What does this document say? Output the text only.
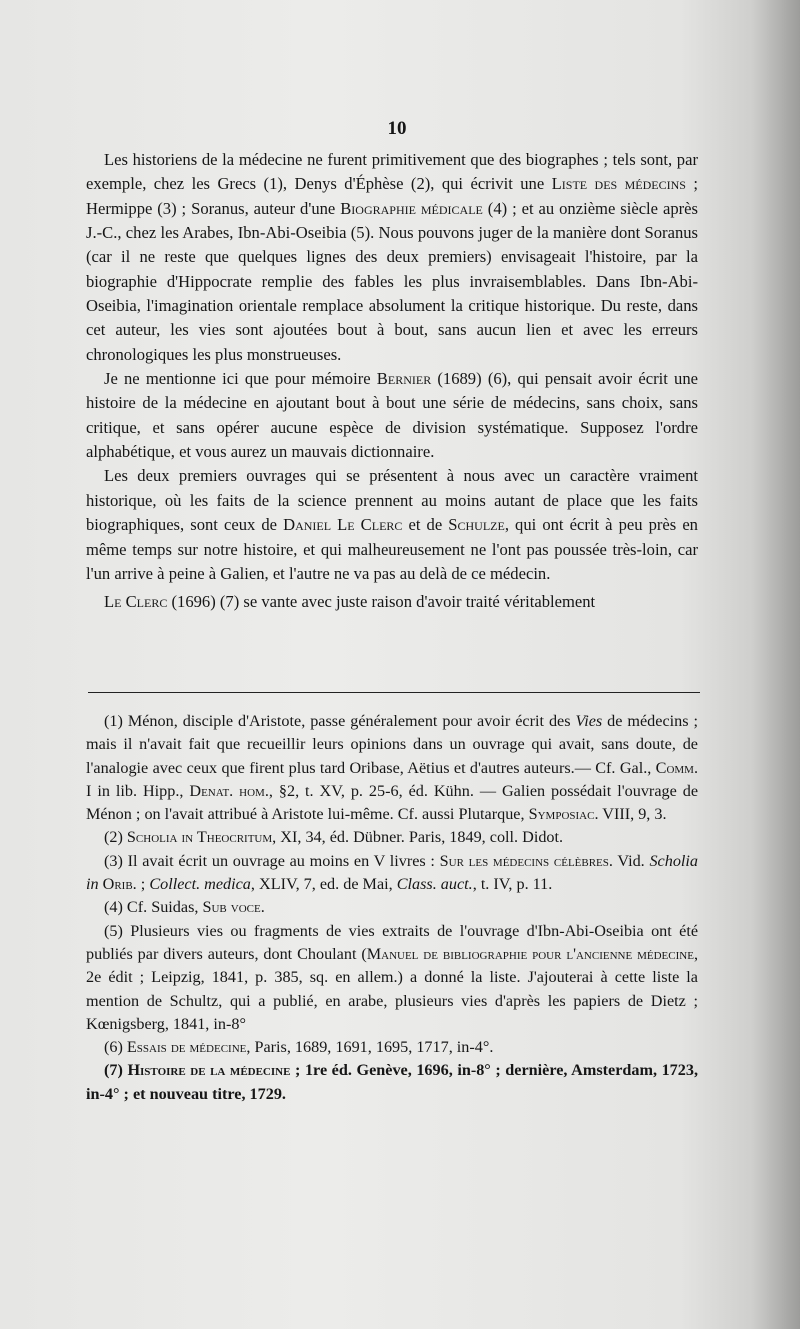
10

Les historiens de la médecine ne furent primitivement que des biographes ; tels sont, par exemple, chez les Grecs (1), Denys d'Éphèse (2), qui écrivit une Liste des médecins ; Hermippe (3) ; Soranus, auteur d'une Biographie médicale (4) ; et au onzième siècle après J.-C., chez les Arabes, Ibn-Abi-Oseibia (5). Nous pouvons juger de la manière dont Soranus (car il ne reste que quelques lignes des deux premiers) envisageait l'histoire, par la biographie d'Hippocrate remplie des fables les plus invraisemblables. Dans Ibn-Abi-Oseibia, l'imagination orientale remplace absolument la critique historique. Du reste, dans cet auteur, les vies sont ajoutées bout à bout, sans aucun lien et avec les erreurs chronologiques les plus monstrueuses.

Je ne mentionne ici que pour mémoire Bernier (1689) (6), qui pensait avoir écrit une histoire de la médecine en ajoutant bout à bout une série de médecins, sans choix, sans critique, et sans opérer aucune espèce de division systématique. Supposez l'ordre alphabétique, et vous aurez un mauvais dictionnaire.

Les deux premiers ouvrages qui se présentent à nous avec un caractère vraiment historique, où les faits de la science prennent au moins autant de place que les faits biographiques, sont ceux de Daniel Le Clerc et de Schulze, qui ont écrit à peu près en même temps sur notre histoire, et qui malheureusement ne l'ont pas poussée très-loin, car l'un arrive à peine à Galien, et l'autre ne va pas au delà de ce médecin.

Le Clerc (1696) (7) se vante avec juste raison d'avoir traité véritablement

(1) Ménon, disciple d'Aristote, passe généralement pour avoir écrit des Vies de médecins ; mais il n'avait fait que recueillir leurs opinions dans un ouvrage qui avait, sans doute, de l'analogie avec ceux que firent plus tard Oribase, Aëtius et d'autres auteurs.— Cf. Gal., Comm. I in lib. Hipp., Denat. hom., §2, t. XV, p. 25-6, éd. Kühn. — Galien possédait l'ouvrage de Ménon ; on l'avait attribué à Aristote lui-même. Cf. aussi Plutarque, Symposiac. VIII, 9, 3.

(2) Scholia in Theocritum, XI, 34, éd. Dübner. Paris, 1849, coll. Didot.

(3) Il avait écrit un ouvrage au moins en V livres : Sur les médecins célèbres. Vid. Scholia in Orib. ; Collect. medica, XLIV, 7, ed. de Mai, Class. auct., t. IV, p. 11.

(4) Cf. Suidas, Sub voce.

(5) Plusieurs vies ou fragments de vies extraits de l'ouvrage d'Ibn-Abi-Oseibia ont été publiés par divers auteurs, dont Choulant (Manuel de bibliographie pour l'ancienne médecine, 2e édit ; Leipzig, 1841, p. 385, sq. en allem.) a donné la liste. J'ajouterai à cette liste la mention de Schultz, qui a publié, en arabe, plusieurs vies d'après les papiers de Dietz ; Kœnigsberg, 1841, in-8°

(6) Essais de médecine, Paris, 1689, 1691, 1695, 1717, in-4°.

(7) Histoire de la médecine ; 1re éd. Genève, 1696, in-8° ; dernière, Amsterdam, 1723, in-4° ; et nouveau titre, 1729.
